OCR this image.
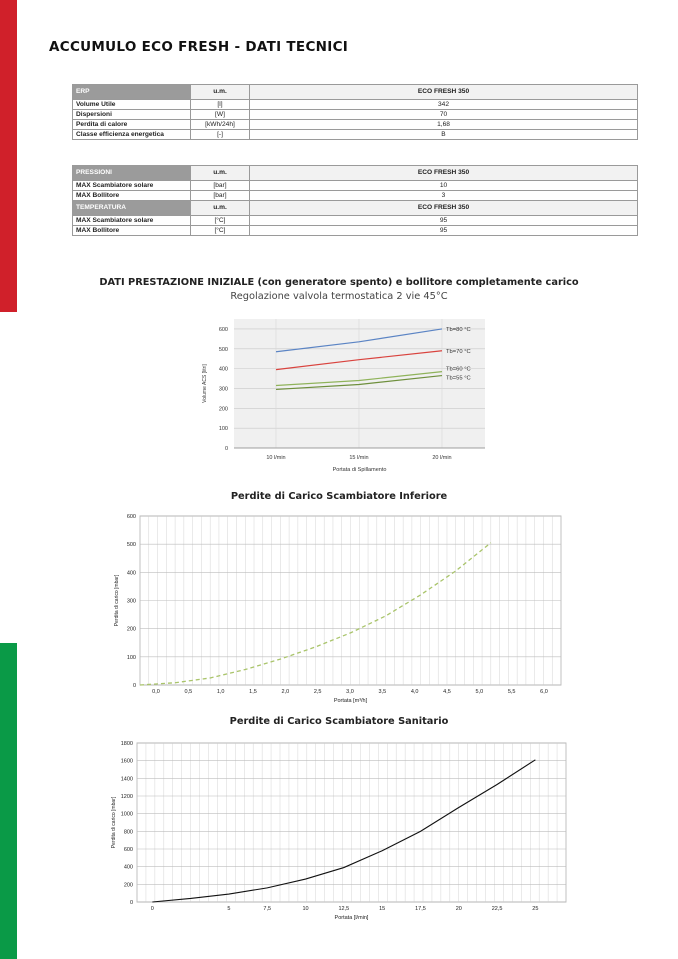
ACCUMULO ECO FRESH - DATI TECNICI
ERP	u.m.	ECO FRESH 350
Volume Utile	[l]	342
Dispersioni	[W]	70
Perdita di calore	[kWh/24h]	1,68
Classe efficienza energetica	[-]	B
PRESSIONI	u.m.	ECO FRESH 350
MAX Scambiatore solare	[bar]	10
MAX Bollitore	[bar]	3
TEMPERATURA	u.m.	ECO FRESH 350
MAX Scambiatore solare	[°C]	95
MAX Bollitore	[°C]	95
DATI PRESTAZIONE INIZIALE (con generatore spento) e bollitore completamente carico
Regolazione valvola termostatica 2 vie 45°C
0
100
200
300
400
500
600
10 l/min	15 l/min	20 l/min
Portata di Spillamento
Volume ACS [litri]
Tb=80 °C
Tb=70 °C
Tb=60 °C
Tb=55 °C
Perdite di Carico Scambiatore Inferiore
0
100
200
300
400
500
600
0,0	0,5	1,0	1,5	2,0	2,5	3,0	3,5	4,0	4,5	5,0	5,5	6,0
Portata [m³/h]
Perdita di carico [mbar]
Perdite di Carico Scambiatore Sanitario
0
200
400
600
800
1000
1200
1400
1600
1800
0	5	7,5	10	12,5	15	17,5	20	22,5	25
Portata [l/min]
Perdita di carico [mbar]
